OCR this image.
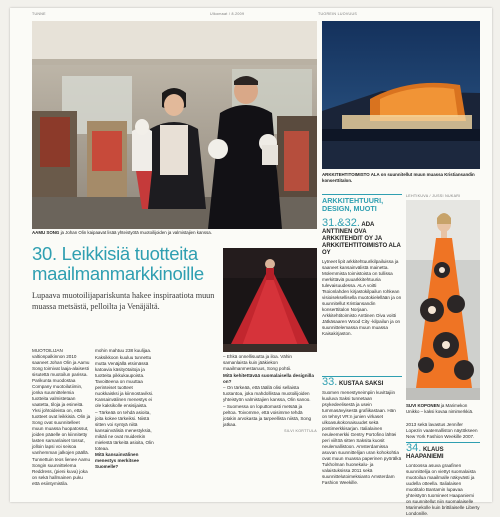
TUNNE	Ulkomaat / 8.2009	TUOREIN LUOVUUS
AAMU SONG ja Johan Olin kaipaavat lisää yhteistyötä muotoilijoiden ja valmistajien kanssa.
30. Leikkisiä tuotteita maailmanmarkkinoille
Lupaava muotoilijapariskunta hakee inspiraatiota muun muassa metsästä, pelloilta ja Venäjältä.

MUOTOILIJAN valtionpalkinnon 2010 saaneet Johan Olin ja Aamu Song toimivat laaja-alaisesti sisutettä muotoilun parissa. Parikunta muodostaa Company muotoilutiimin, jonka suunnittelemia tuotteita valmistetaan vaatetta, tiloja ja esineitä. Yksi johtoideista on, että tuotteet ovat leikkisiä. Olin ja Song ovat suunnitelleet muun muassa huopatossut, joiden pääelle on kiinnitetty lasten samanlaiset tossut, jolloin lapsi voi seisoa vanhemman jalkojen päällä.

Tunnettuin teos lienee Aamu Songin suunnittelema Reddress, (pieni kuva) joka on sekä hallmainen puku että esiintymistila.

mohin mahtuu 238 kuulijaa.

Kaksikkoon kuuluu tunnettu mutta Venäjällä etsimässä katoavia käsityötaitoja ja tuotteita pikkukaupoista. Tavoitteena on muuttaa perinteiset tuotteet nuokkaisksi ja kiinnostaviksi.

Kansainvälinen menestys ei ole kaksikolle ensisijaista.

– Tärkeää on tehdä asioita, joita kokee tärkeiksi. Niistä sitten voi syntyä niitä kansainvälisiä menestyksiä, mikäli ne ovat muidenkin mielestä tärkeitä asioita, Olin toteaa.

Mitä kansainvälinen menestys merkitsee Suomelle?

– Ehkä onnellisuutta ja iloa. Vähin samanlaista kuin jääkiekon maailmanmestaruus, Song pohtii.

Mitä kehitettävää suomalaisella designilla on?

– On tärkeää, että täällä olisi sellaista tuotantoa, joka mahdollistaa muotoilijoiden yhteistyön valmistajien kanssa, Olin sanoo.

– Suomessa on loputtomasti metsää ja peltoa. Toivomme, että voisimme tehdä jotakin arvokasta ja tarpeellista niistä, Song jatkaa.

SILVI KORTTULA

ARKKITEHTITOIMISTO ALA on suunnitellut muun muassa Kristiansandin konserttitalon.
ARKKITEHTUURI, DESIGN, MUOTI
31.&32. ADA ANTTINEN OVA ARKKITEHDIT OY JA ARKKITEHTITOIMISTO ALA OY

Lytneet lipit arkkitehtuurikilpailuissa ja saaneet kansainvälistä mainetta. Molemmista toimistoista on tullissa merkittäviä puuarkkitehtuuria tulevaisuudessa. ALA voitti Tsoionlahden kirjastokilpailun rohkean visioiseksellisella muotokielellään ja on suunnitellut Kristiansandin konserttitalon Norjaan. Arkkitehtitoimisto Anttinen Oiva voitti Jätkäsaaren Wood City -kilpailun ja on suunnittelemassa muun muassa Kaisakirjaston.

33. KUSTAA SAKSI

Suomen menestyneimpiin kuvittajiin kuuluva Saksi tunnetaan psykedeelisestä ja usein tummasävyisestä grafiikastaan. Hän on tehnyt VR:n junien virkaset ulkoasukokonaisuudet sekä postimerkkisarjan. Italialainen neuleemerkki Gentry Portofino lähtei peri viiltöä sitten Saksita kuosit neulemallistoon. Amsterdamissa asuvan suunnittelijan uran kohokohtia ovat muun muassa paperinen pyörälkä Tukholman huonekalu- ja valaistuksissa 2011 sekä suunnittelutoimeksianto Amsterdam Fashion Weekille.

LEHTIKUVA / JUSSI NUKARI
SUVI KOPONEN ja Marimekon Unikko – kaksi kovaa nimimerkkiä.

2013 sekä lavastus Jennifer Lopezin vaatemalliston näytökseen New York Fashion Weekille 2007.

34. KLAUS HAAPANIEMI

Lontoossa asuva graafinen suunnittelija on viettyt suomalaista muotoilua maailmalle näkyvästi ja uudella otteella. Italialaisen muotitalo Bantamin lupavaa yhteistyön tuomineet Haapaniemi on suunnitellut niin suomalaiselle Marimekolle kuin brittilaiselle Liberty Londonille.
